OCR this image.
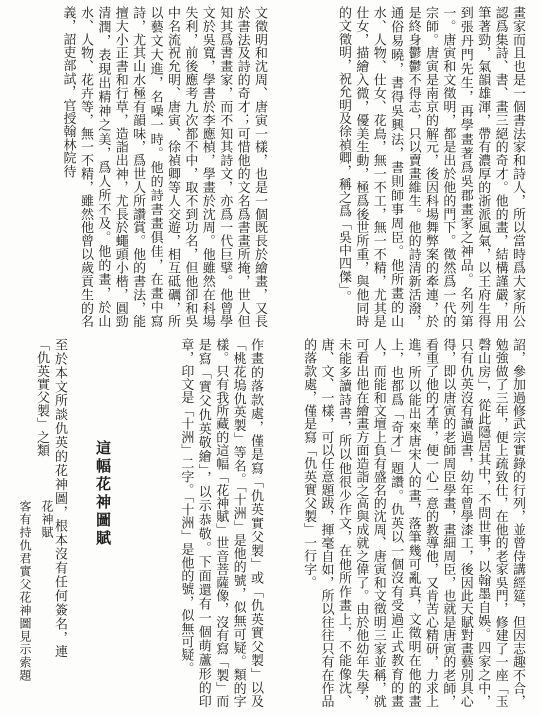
畫家而且也是一個書法家和詩人，所以當時爲大家所公認爲集詩、書、畫三絕的奇才。他的畫，結構謹嚴，用筆著勁，氣韻雄渾，帶有濃厚的浙派風氣，以王府生得到張丹門先生，再學畫著爲吳郡畫家之神品。名列第一。唐寅和文徵明，都是出於他的門下。徵然爲一代的宗師。唐寅是南京的解元，後因科場舞弊案的牽連，於是終身鬱鬱不得志，只以賣畫維生。他的詩清新活潑，通俗易曉，書得吳興法，書則師事周臣。他所畫的山水、人物、仕女、花鳥，無一不工，無一不精，尤其是仕女，描繪入微，優美生動，極爲後世所重，與他同時的文徵明，祝允明及徐禎卿，稱之爲「吳中四傑」。
文徵明和沈周、唐寅一樣，也是一個既長於繪畫，又長於書法及詩的奇才；可惜他的文名爲書畫所掩，世人但知其爲書畫家，而不知其詩文，亦爲一代巨擘。他曾學文於吳寬，學書於李應楨，學畫於沈周。他雖然在科場失利，前後應考九次都不中，取不到功名，但他卻和吳中名流祝允明、唐寅、徐禎卿等人交遊，相互砥礪，所以藝文大進，名噪一時。他的詩書畫俱佳，在畫中寫詩，尤其山水極有韻味，爲世人所讚賞。他的書法，能擅大小正書和行草，造詣出神，尤長於蠅頭小楷，圓勁清潤，表現出精神之美，爲人所不及。他的畫，於山水、人物、花卉等，無一不精，雖然他曾以歲貢生的名義，詔吏部試，官授翰林院待
詔，參加過修武宗實錄的行列，並曾侍講經筵，但因志趣不合，勉強做了三年，便上疏致仕，在他的老家吳門，修建了一座「玉磬山房」，從此隱居其中，不問世事，以翰墨自娛。四家之中，只有仇英沒有讀過書，幼年曾學漆工，後因此天賦對畫藝別具心得，即以唐寅的老師周臣學畫，畫細周臣，也就是唐寅的老師，看重了他的才華，便一心一意的教導他，又肯苦心精研，力求上進，所以能出來唐宋人的畫，落筆幾可亂真，文徵明在他的畫上，也都爲「奇才」題讚。仇英以一個沒有受過正式教育的畫人，而能和文壇上負有盛名的沈周、唐寅和文徵明三家並稱，就可看出他在繪畫方面造詣之高與成就之偉了。由於他幼年失學，未能多讀詩書，所以他很少作文，在他所作畫上，不能像沈、唐、文、一樣，可以任意題跋，揮毫自如，所以往往只有在作品的落款處，僅是寫「仇英實父製」一行字。
作畫的落款處，僅是寫「仇英實父製」或「仇英實父製」以及「桃花塢仇英製」等名。「十洲」是他的號，似無可疑。類的字樣。只有我所藏的這幅「花神賦」世音菩薩像，沒有寫「製」而是寫「實父仇英敬繪」，以示恭敬。下面還有一個萌蘆形的印章，印文是「十洲」二字。「十洲」是他的號，似無可疑。
這幅花神圖賦
至於本文所談仇英的花神圖，根本沒有任何簽名，連「仇英實父製」之類
花神賦
客有持仇君實父花神圖見示索題
